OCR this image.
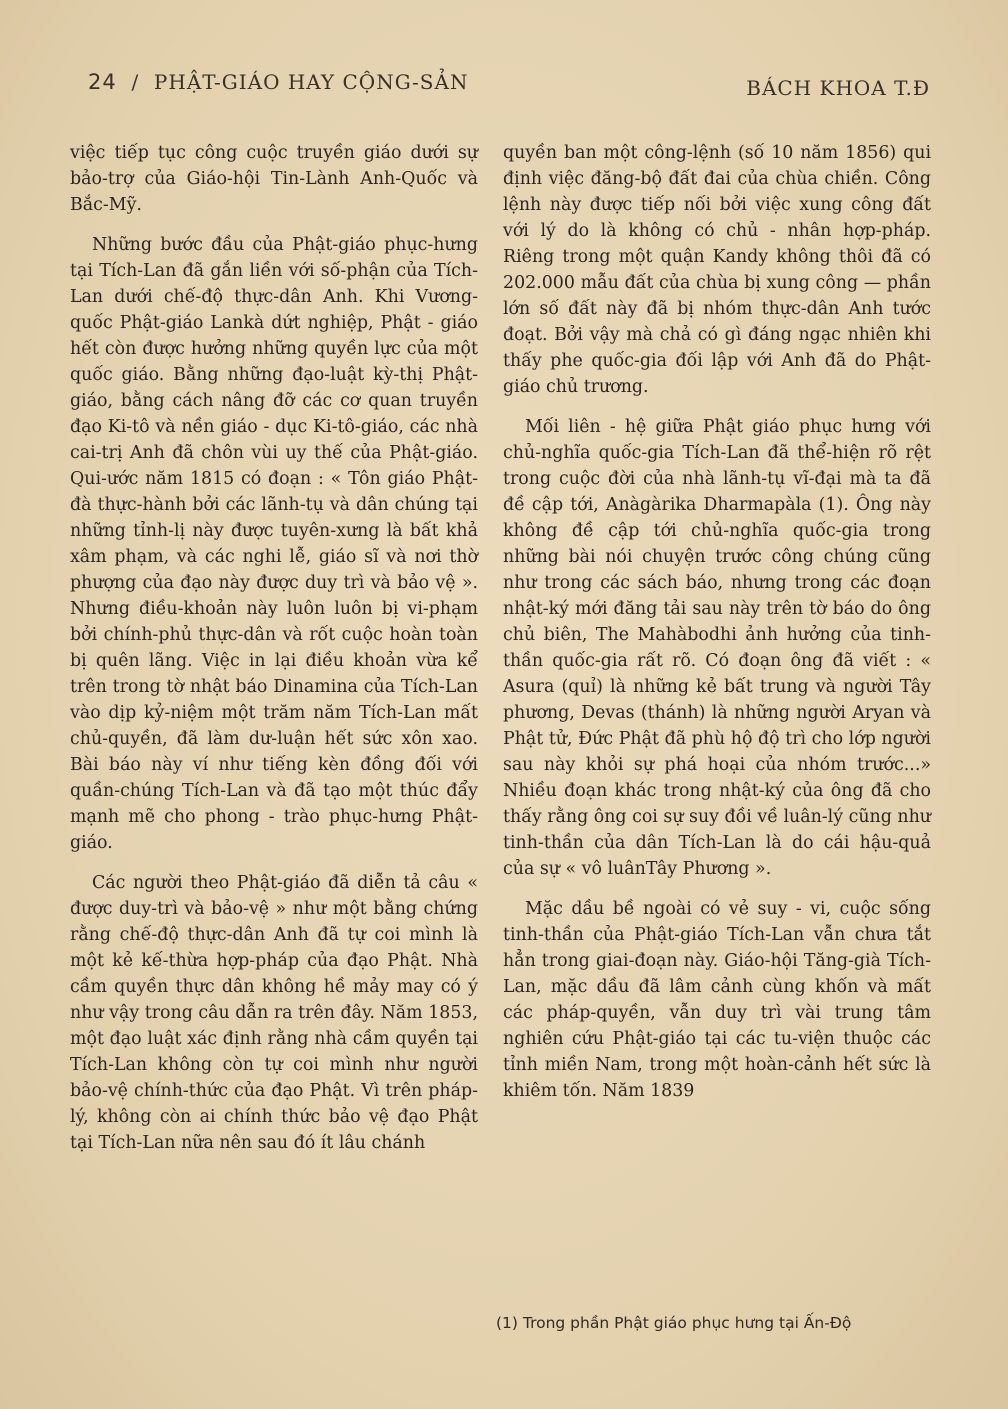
24 / PHẬT-GIÁO HAY CỘNG-SẢN	BÁCH KHOA T.Đ

việc tiếp tục công cuộc truyền giáo dưới sự bảo-trợ của Giáo-hội Tin-Lành Anh-Quốc và Bắc-Mỹ.

Những bước đầu của Phật-giáo phục-hưng tại Tích-Lan đã gắn liền với số-phận của Tích-Lan dưới chế-độ thực-dân Anh. Khi Vương-quốc Phật-giáo Lankà dứt nghiệp, Phật - giáo hết còn được hưởng những quyền lực của một quốc giáo. Bằng những đạo-luật kỳ-thị Phật-giáo, bằng cách nâng đỡ các cơ quan truyền đạo Ki-tô và nền giáo - dục Ki-tô-giáo, các nhà cai-trị Anh đã chôn vùi uy thế của Phật-giáo. Qui-ước năm 1815 có đoạn : « Tôn giáo Phật-đà thực-hành bởi các lãnh-tụ và dân chúng tại những tỉnh-lị này được tuyên-xưng là bất khả xâm phạm, và các nghi lễ, giáo sĩ và nơi thờ phượng của đạo này được duy trì và bảo vệ ». Nhưng điều-khoản này luôn luôn bị vi-phạm bởi chính-phủ thực-dân và rốt cuộc hoàn toàn bị quên lãng. Việc in lại điều khoản vừa kể trên trong tờ nhật báo Dinamina của Tích-Lan vào dịp kỷ-niệm một trăm năm Tích-Lan mất chủ-quyền, đã làm dư-luận hết sức xôn xao. Bài báo này ví như tiếng kèn đồng đối với quần-chúng Tích-Lan và đã tạo một thúc đẩy mạnh mẽ cho phong - trào phục-hưng Phật-giáo.

Các người theo Phật-giáo đã diễn tả câu « được duy-trì và bảo-vệ » như một bằng chứng rằng chế-độ thực-dân Anh đã tự coi mình là một kẻ kế-thừa hợp-pháp của đạo Phật. Nhà cầm quyền thực dân không hề mảy may có ý như vậy trong câu dẫn ra trên đây. Năm 1853, một đạo luật xác định rằng nhà cầm quyền tại Tích-Lan không còn tự coi mình như người bảo-vệ chính-thức của đạo Phật. Vì trên pháp-lý, không còn ai chính thức bảo vệ đạo Phật tại Tích-Lan nữa nên sau đó ít lâu chánh

quyền ban một công-lệnh (số 10 năm 1856) qui định việc đăng-bộ đất đai của chùa chiền. Công lệnh này được tiếp nối bởi việc xung công đất với lý do là không có chủ - nhân hợp-pháp. Riêng trong một quận Kandy không thôi đã có 202.000 mẫu đất của chùa bị xung công — phần lớn số đất này đã bị nhóm thực-dân Anh tước đoạt. Bởi vậy mà chả có gì đáng ngạc nhiên khi thấy phe quốc-gia đối lập với Anh đã do Phật-giáo chủ trương.

Mối liên - hệ giữa Phật giáo phục hưng với chủ-nghĩa quốc-gia Tích-Lan đã thể-hiện rõ rệt trong cuộc đời của nhà lãnh-tụ vĩ-đại mà ta đã đề cập tới, Anàgàrika Dharmapàla (1). Ông này không đề cập tới chủ-nghĩa quốc-gia trong những bài nói chuyện trước công chúng cũng như trong các sách báo, nhưng trong các đoạn nhật-ký mới đăng tải sau này trên tờ báo do ông chủ biên, The Mahàbodhi ảnh hưởng của tinh-thần quốc-gia rất rõ. Có đoạn ông đã viết : « Asura (quỉ) là những kẻ bất trung và người Tây phương, Devas (thánh) là những người Aryan và Phật tử, Đức Phật đã phù hộ độ trì cho lớp người sau này khỏi sự phá hoại của nhóm trước...» Nhiều đoạn khác trong nhật-ký của ông đã cho thấy rằng ông coi sự suy đồi về luân-lý cũng như tinh-thần của dân Tích-Lan là do cái hậu-quả của sự « vô luânTây Phương ».

Mặc dầu bề ngoài có vẻ suy - vi, cuộc sống tinh-thần của Phật-giáo Tích-Lan vẫn chưa tắt hẳn trong giai-đoạn này. Giáo-hội Tăng-già Tích-Lan, mặc dầu đã lâm cảnh cùng khốn và mất các pháp-quyền, vẫn duy trì vài trung tâm nghiên cứu Phật-giáo tại các tu-viện thuộc các tỉnh miền Nam, trong một hoàn-cảnh hết sức là khiêm tốn. Năm 1839

(1) Trong phần Phật giáo phục hưng tại Ấn-Độ
